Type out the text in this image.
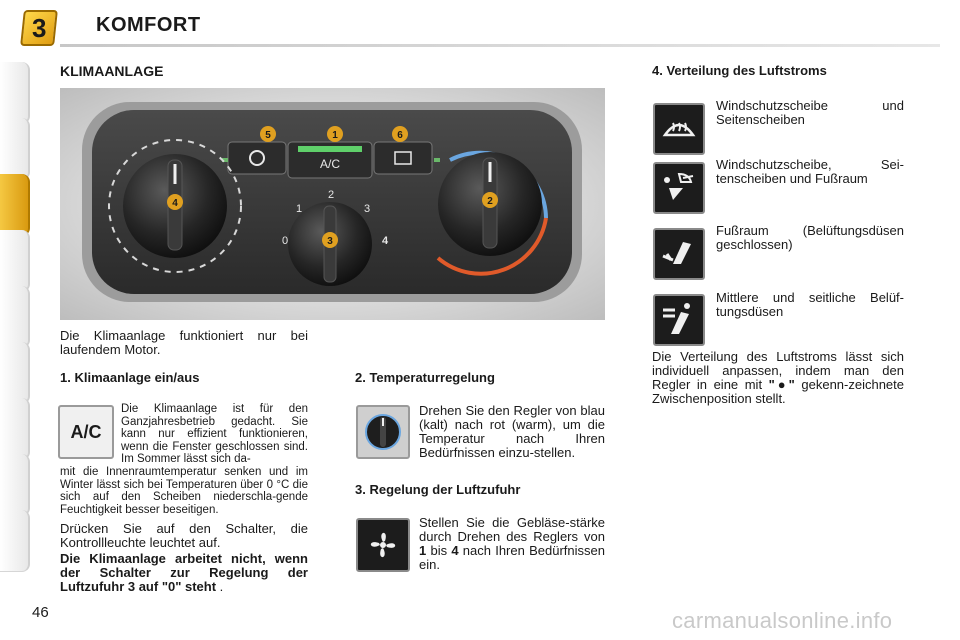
3 KOMFORT
KLIMAANLAGE
A/C
0
1
2
3
4
5	1	6
4	2
3
Die Klimaanlage funktioniert nur bei laufendem Motor.
1. Klimaanlage ein/aus
A/C
Die Klimaanlage ist für den Ganzjahresbetrieb gedacht. Sie kann nur effizient funktionieren, wenn die Fenster geschlossen sind. Im Sommer lässt sich da-
mit die Innenraumtemperatur senken und im Winter lässt sich bei Temperaturen über 0 °C die sich auf den Scheiben niederschla-gende Feuchtigkeit besser beseitigen.
Drücken Sie auf den Schalter, die Kontrollleuchte leuchtet auf.
Die Klimaanlage arbeitet nicht, wenn der Schalter zur Regelung der Luftzufuhr 3 auf "0" steht .
2. Temperaturregelung
Drehen Sie den Regler von blau (kalt) nach rot (warm), um die Temperatur nach Ihren Bedürfnissen einzu-stellen.
3. Regelung der Luftzufuhr
Stellen Sie die Gebläse-stärke durch Drehen des Reglers von 1 bis 4 nach Ihren Bedürfnissen ein.
4. Verteilung des Luftstroms
Windschutzscheibe und Seitenscheiben
Windschutzscheibe, Sei-tenscheiben und Fußraum
Fußraum (Belüftungsdüsen geschlossen)
Mittlere und seitliche Belüf-tungsdüsen
Die Verteilung des Luftstroms lässt sich individuell anpassen, indem man den Regler in eine mit "●" gekenn-zeichnete Zwischenposition stellt.
46	carmanualsonline.info
